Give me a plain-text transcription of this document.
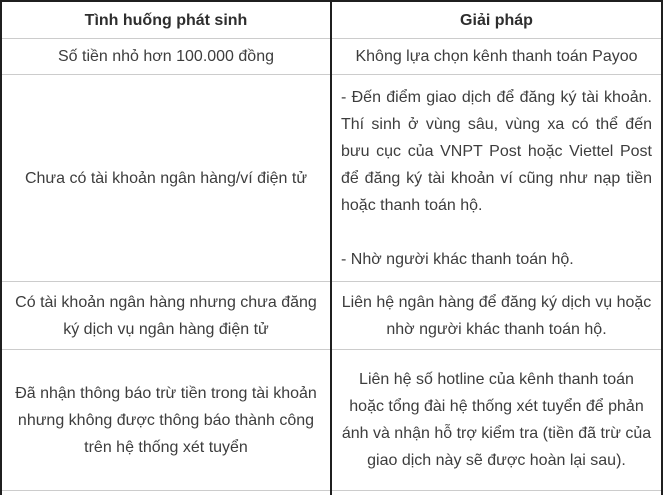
Tình huống phát sinh	Giải pháp
Số tiền nhỏ hơn 100.000 đồng	Không lựa chọn kênh thanh toán Payoo
Chưa có tài khoản ngân hàng/ví điện tử	- Đến điểm giao dịch để đăng ký tài khoản. Thí sinh ở vùng sâu, vùng xa có thể đến bưu cục của VNPT Post hoặc Viettel Post để đăng ký tài khoản ví cũng như nạp tiền hoặc thanh toán hộ.

- Nhờ người khác thanh toán hộ.

Có tài khoản ngân hàng nhưng chưa đăng ký dịch vụ ngân hàng điện tử	Liên hệ ngân hàng để đăng ký dịch vụ hoặc nhờ người khác thanh toán hộ.
Đã nhận thông báo trừ tiền trong tài khoản nhưng không được thông báo thành công trên hệ thống xét tuyển	Liên hệ số hotline của kênh thanh toán hoặc tổng đài hệ thống xét tuyển để phản ánh và nhận hỗ trợ kiểm tra (tiền đã trừ của giao dịch này sẽ được hoàn lại sau).
